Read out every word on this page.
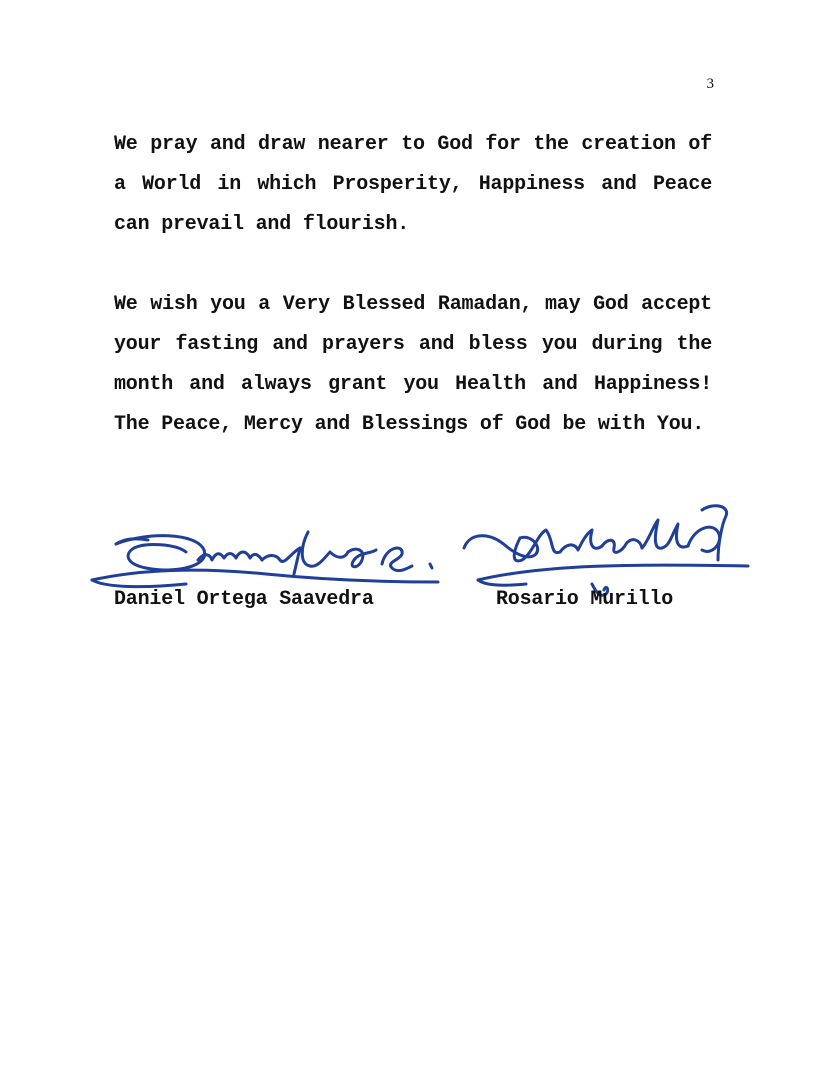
3

We pray and draw nearer to God for the creation of a World in which Prosperity, Happiness and Peace can prevail and flourish.

We wish you a Very Blessed Ramadan, may God accept your fasting and prayers and bless you during the month and always grant you Health and Happiness! The Peace, Mercy and Blessings of God be with You.

Daniel Ortega Saavedra	Rosario Murillo
